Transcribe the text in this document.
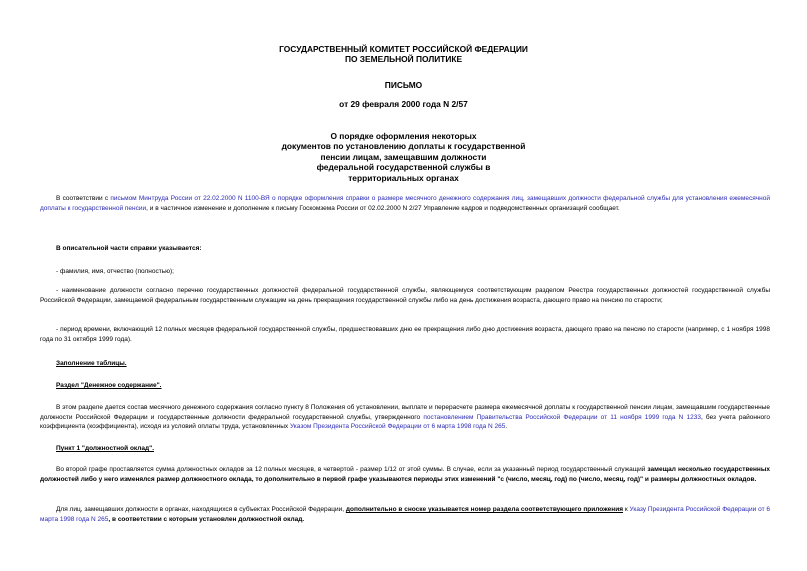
ГОСУДАРСТВЕННЫЙ КОМИТЕТ РОССИЙСКОЙ ФЕДЕРАЦИИ
ПО ЗЕМЕЛЬНОЙ ПОЛИТИКЕ
ПИСЬМО
от 29 февраля 2000 года N 2/57
О порядке оформления некоторых
документов по установлению доплаты к государственной
пенсии лицам, замещавшим должности
федеральной государственной службы в
территориальных органах

В соответствии с письмом Минтруда России от 22.02.2000 N 1100-ВЯ о порядке оформления справки о размере месячного денежного содержания лиц, замещавших должности федеральной службы для установления ежемесячной доплаты к государственной пенсии, и в частичное изменение и дополнение к письму Госкомзема России от 02.02.2000 N 2/27 Управление кадров и подведомственных организаций сообщает.

В описательной части справки указывается:

- фамилия, имя, отчество (полностью);

- наименование должности согласно перечню государственных должностей федеральной государственной службы, являющемуся соответствующим разделом Реестра государственных должностей государственной службы Российской Федерации, замещаемой федеральным государственным служащим на день прекращения государственной службы либо на день достижения возраста, дающего право на пенсию по старости;

- период времени, включающий 12 полных месяцев федеральной государственной службы, предшествовавших дню ее прекращения либо дню достижения возраста, дающего право на пенсию по старости (например, с 1 ноября 1998 года по 31 октября 1999 года).

Заполнение таблицы.

Раздел "Денежное содержание".

В этом разделе дается состав месячного денежного содержания согласно пункту 8 Положения об установлении, выплате и перерасчете размера ежемесячной доплаты к государственной пенсии лицам, замещавшим государственные должности Российской Федерации и государственные должности федеральной государственной службы, утвержденного постановлением Правительства Российской Федерации от 11 ноября 1999 года N 1233, без учета районного коэффициента (коэффициента), исходя из условий оплаты труда, установленных Указом Президента Российской Федерации от 6 марта 1998 года N 265.

Пункт 1 "должностной оклад".

Во второй графе проставляется сумма должностных окладов за 12 полных месяцев, в четвертой - размер 1/12 от этой суммы. В случае, если за указанный период государственный служащий замещал несколько государственных должностей либо у него изменялся размер должностного оклада, то дополнительно в первой графе указываются периоды этих изменений "с (число, месяц, год) по (число, месяц, год)" и размеры должностных окладов.

Для лиц, замещавших должности в органах, находящихся в субъектах Российской Федерации, дополнительно в сноске указывается номер раздела соответствующего приложения к Указу Президента Российской Федерации от 6 марта 1998 года N 265, в соответствии с которым установлен должностной оклад.
